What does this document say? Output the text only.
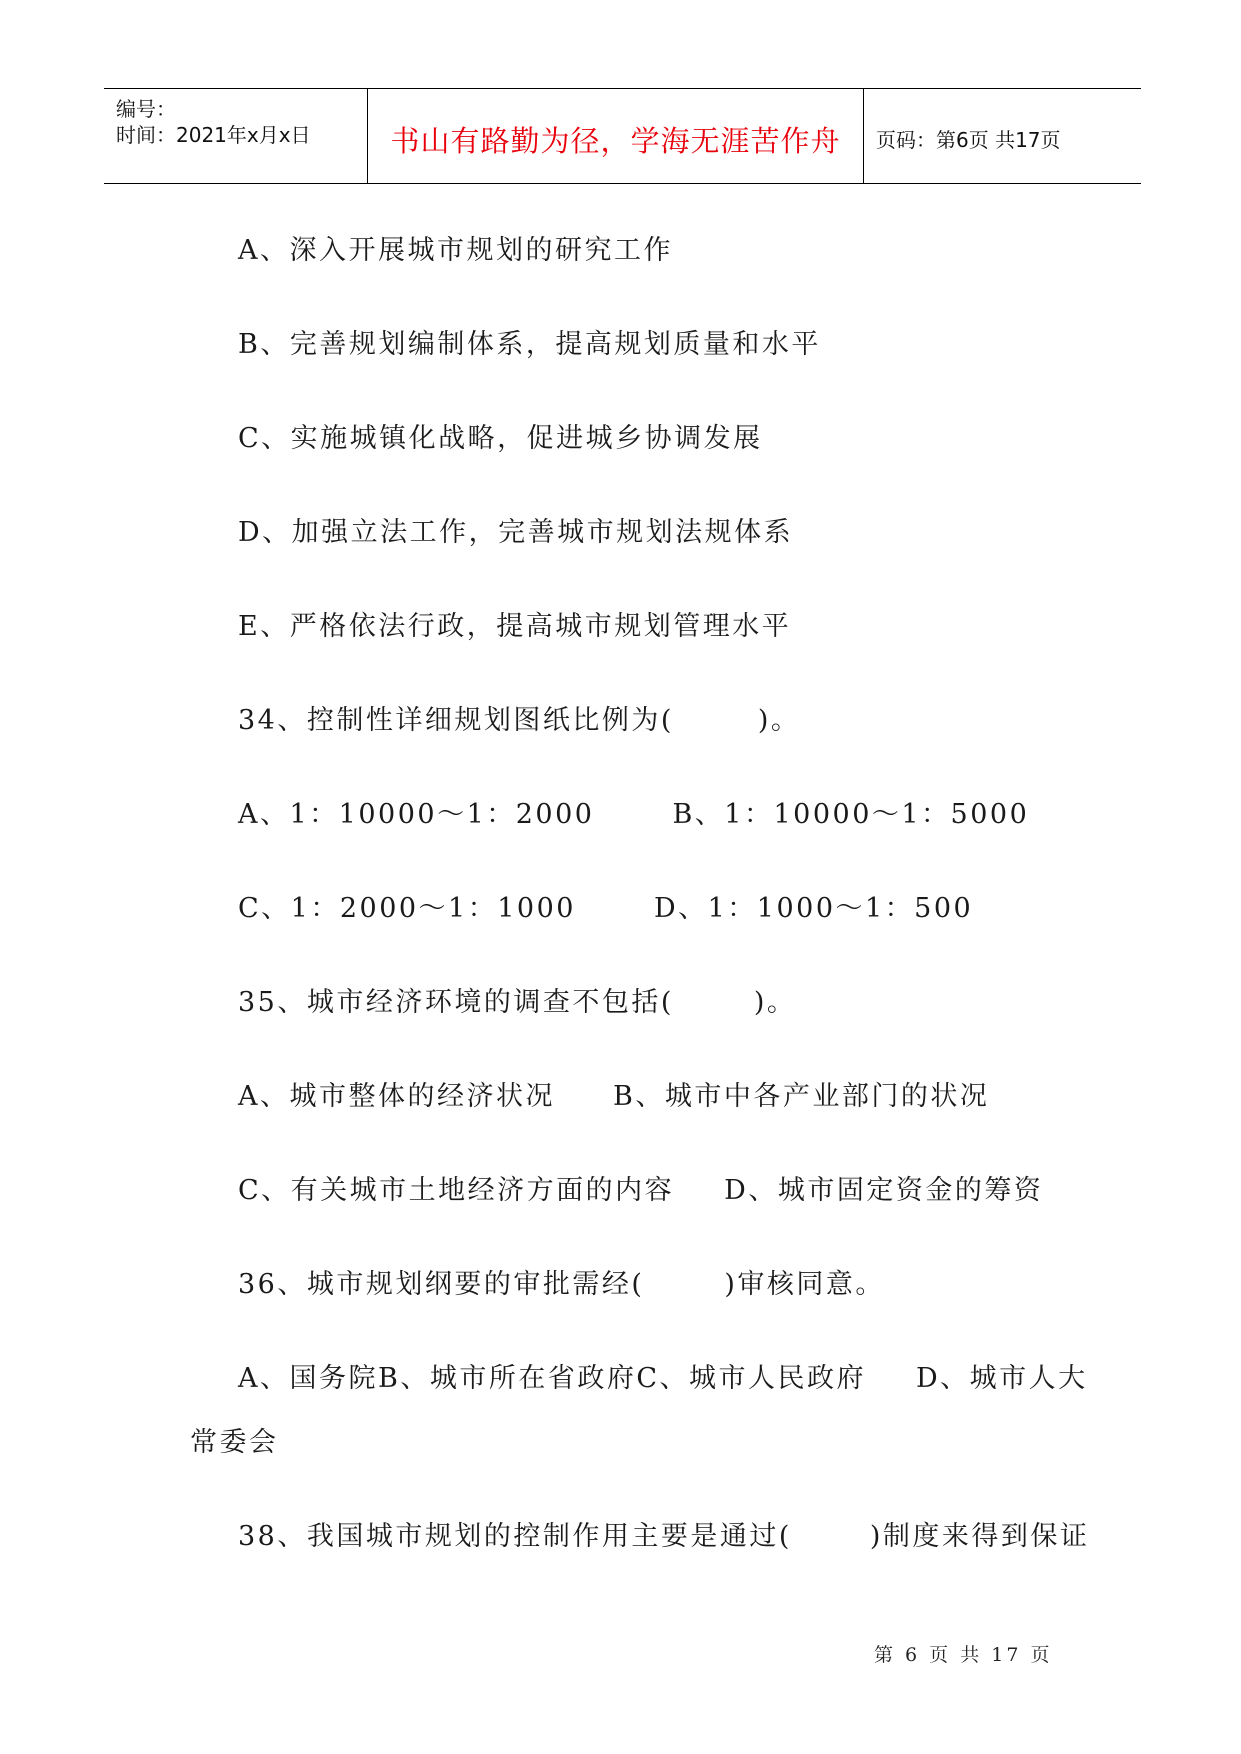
编号：
时间：2021年x月x日	书山有路勤为径，学海无涯苦作舟	页码：第6页 共17页
A、深入开展城市规划的研究工作
B、完善规划编制体系，提高规划质量和水平
C、实施城镇化战略，促进城乡协调发展
D、加强立法工作，完善城市规划法规体系
E、严格依法行政，提高城市规划管理水平
34、控制性详细规划图纸比例为(	)。
A、1：10000～1：2000	B、1：10000～1：5000
C、1：2000～1：1000	D、1：1000～1：500
35、城市经济环境的调查不包括(	)。
A、城市整体的经济状况 B、城市中各产业部门的状况
C、有关城市土地经济方面的内容 D、城市固定资金的筹资
36、城市规划纲要的审批需经(	)审核同意。
A、国务院B、城市所在省政府C、城市人民政府 D、城市人大
常委会
38、我国城市规划的控制作用主要是通过(	)制度来得到保证
第 6 页 共 17 页
